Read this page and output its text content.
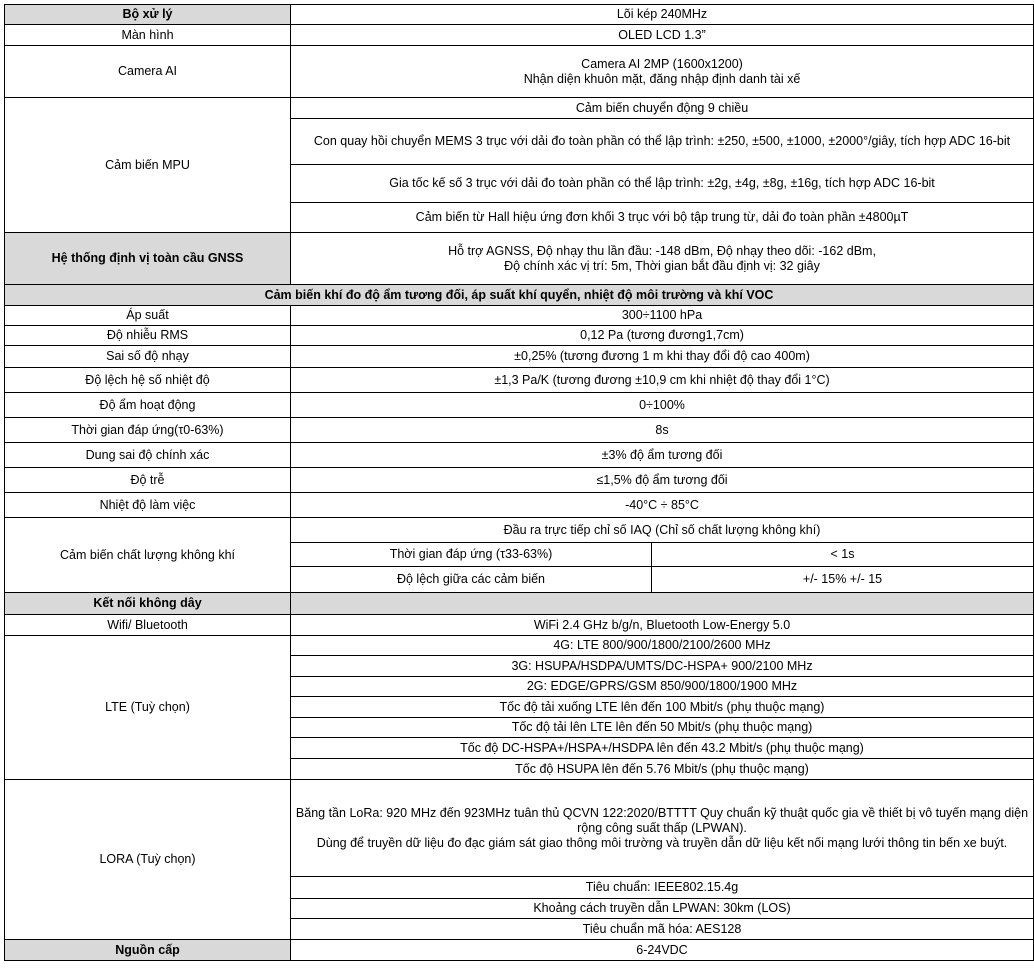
Bộ xử lý	Lõi kép 240MHz	
Màn hình	OLED LCD 1.3”	
Camera AI	Camera AI 2MP (1600x1200)
Nhận diện khuôn mặt, đăng nhập định danh tài xế	

Cảm biến MPU	Cảm biến chuyển động 9 chiều	
	Con quay hồi chuyển MEMS 3 trục với dải đo toàn phần có thể lập trình: ±250, ±500, ±1000, ±2000°/giây, tích hợp ADC 16-bit	
	Gia tốc kế số 3 trục với dải đo toàn phần có thể lập trình: ±2g, ±4g, ±8g, ±16g, tích hợp ADC 16-bit	
	Cảm biến từ Hall hiệu ứng đơn khối 3 trục với bộ tập trung từ, dải đo toàn phần ±4800µT	
Hệ thống định vị toàn cầu GNSS	Hỗ trợ AGNSS, Độ nhạy thu lần đầu: -148 dBm, Độ nhạy theo dõi: -162 dBm,
Độ chính xác vị trí: 5m, Thời gian bắt đầu định vị: 32 giây	

Cảm biến khí đo độ ẩm tương đối, áp suất khí quyển, nhiệt độ môi trường và khí VOC		
Áp suất	300÷1100 hPa	
Độ nhiễu RMS	0,12 Pa (tương đương1,7cm)	
Sai số độ nhạy	±0,25% (tương đương 1 m khi thay đổi độ cao 400m)	
Độ lệch hệ số nhiệt độ	±1,3 Pa/K (tương đương ±10,9 cm khi nhiệt độ thay đổi 1°C)	
Độ ẩm hoạt động	0÷100%	
Thời gian đáp ứng(τ0-63%)	8s	
Dung sai độ chính xác	±3% độ ẩm tương đối	
Độ trễ	≤1,5% độ ẩm tương đối	
Nhiệt độ làm việc	-40°C ÷ 85°C	
Cảm biến chất lượng không khí	Đầu ra trực tiếp chỉ số IAQ (Chỉ số chất lượng không khí)	
	Thời gian đáp ứng (τ33-63%)	< 1s
	Độ lệch giữa các cảm biến	+/- 15% +/- 15
Kết nối không dây		
Wifi/ Bluetooth	WiFi 2.4 GHz b/g/n, Bluetooth Low-Energy 5.0	
LTE (Tuỳ chọn)	4G: LTE 800/900/1800/2100/2600 MHz	
	3G: HSUPA/HSDPA/UMTS/DC-HSPA+ 900/2100 MHz	
	2G: EDGE/GPRS/GSM 850/900/1800/1900 MHz	
	Tốc độ tải xuống LTE lên đến 100 Mbit/s (phụ thuộc mạng)	
	Tốc độ tải lên LTE lên đến 50 Mbit/s (phụ thuộc mạng)	
	Tốc độ DC-HSPA+/HSPA+/HSDPA lên đến 43.2 Mbit/s (phụ thuộc mạng)	
	Tốc độ HSUPA lên đến 5.76 Mbit/s (phụ thuộc mạng)	
LORA (Tuỳ chọn)	Băng tần LoRa: 920 MHz đến 923MHz tuân thủ QCVN 122:2020/BTTTT Quy chuẩn kỹ thuật quốc gia về thiết bị vô tuyến mạng diện rộng công suất thấp (LPWAN).
Dùng để truyền dữ liệu đo đạc giám sát giao thông môi trường và truyền dẫn dữ liệu kết nối mạng lưới thông tin bến xe buýt.	

	Tiêu chuẩn: IEEE802.15.4g	
	Khoảng cách truyền dẫn LPWAN: 30km (LOS)	
	Tiêu chuẩn mã hóa: AES128	
Nguồn cấp	6-24VDC	
